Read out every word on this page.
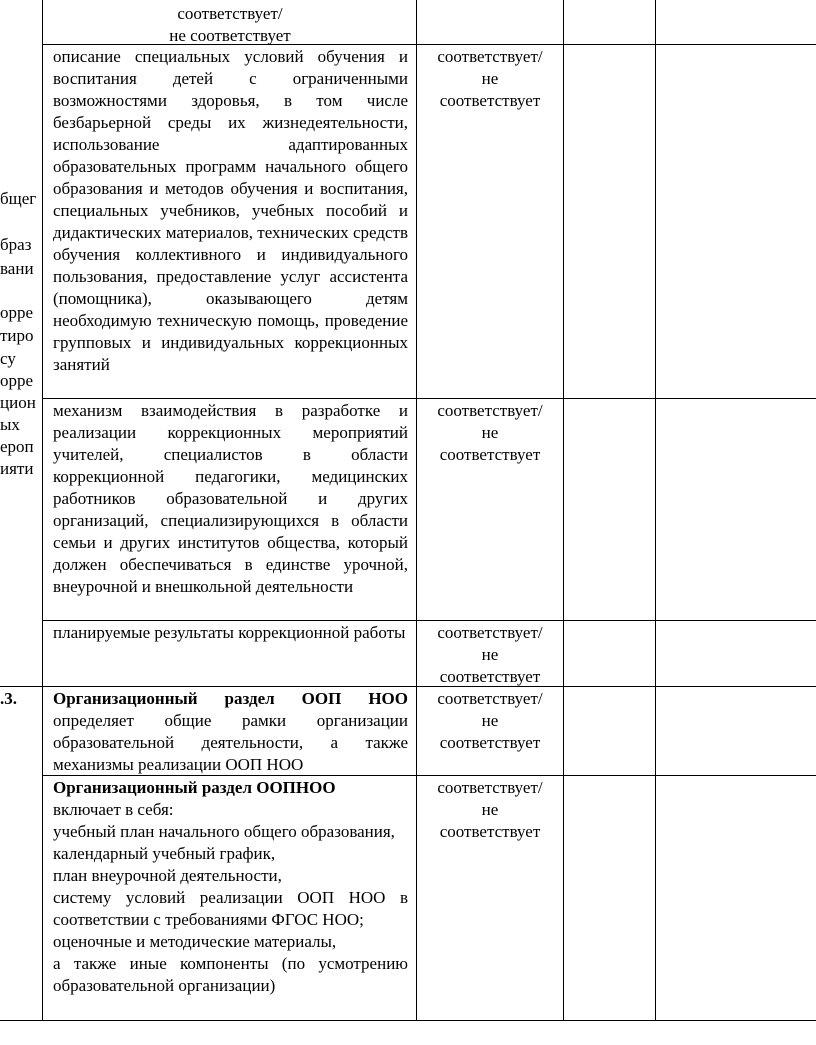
бщег
браз
вани
орре
тиро
су
орре
цион
ых
ероп
ияти
.3.
соответствует/
не соответствует
описание специальных условий обучения и воспитания детей с ограниченными возможностями здоровья, в том числе безбарьерной среды их жизнедеятельности, использование адаптированных образовательных программ начального общего образования и методов обучения и воспитания, специальных учебников, учебных пособий и дидактических материалов, технических средств обучения коллективного и индивидуального пользования, предоставление услуг ассистента (помощника), оказывающего детям необходимую техническую помощь, проведение групповых и индивидуальных коррекционных занятий
соответствует/
не
соответствует
механизм взаимодействия в разработке и реализации коррекционных мероприятий учителей, специалистов в области коррекционной педагогики, медицинских работников образовательной и других организаций, специализирующихся в области семьи и других институтов общества, который должен обеспечиваться в единстве урочной, внеурочной и внешкольной деятельности
соответствует/
не
соответствует
планируемые результаты коррекционной работы	соответствует/
не
соответствует
Организационный раздел ООП НОО определяет общие рамки организации образовательной деятельности, а также механизмы реализации ООП НОО
соответствует/
не
соответствует
Организационный раздел ООПНОО
включает в себя:
учебный план начального общего образования,
календарный учебный график,
план внеурочной деятельности,
систему условий реализации ООП НОО в соответствии с требованиями ФГОС НОО;
оценочные и методические материалы,
а также иные компоненты (по усмотрению образовательной организации)
соответствует/
не
соответствует
